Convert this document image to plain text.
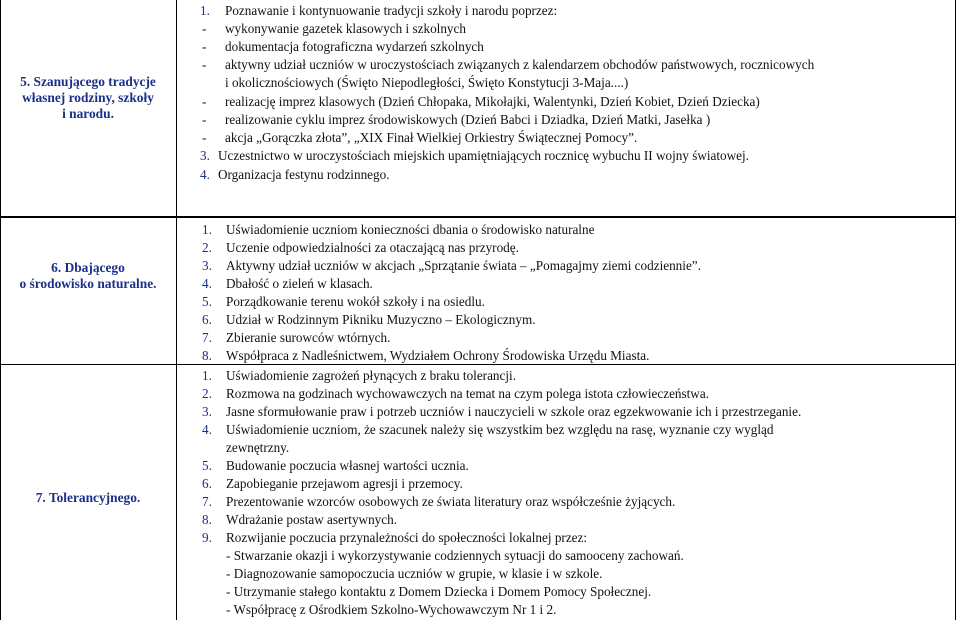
5. Szanującego tradycje
własnej rodziny, szkoły
i narodu.
1. Poznawanie i kontynuowanie tradycji szkoły i narodu poprzez:
- wykonywanie gazetek klasowych i szkolnych
- dokumentacja fotograficzna wydarzeń szkolnych
- aktywny udział uczniów w uroczystościach związanych z kalendarzem obchodów państwowych, rocznicowych
i okolicznościowych (Święto Niepodległości, Święto Konstytucji 3-Maja....)
- realizację imprez klasowych (Dzień Chłopaka, Mikołajki, Walentynki, Dzień Kobiet, Dzień Dziecka)
- realizowanie cyklu imprez środowiskowych (Dzień Babci i Dziadka, Dzień Matki, Jasełka )
- akcja „Gorączka złota”, „XIX Finał Wielkiej Orkiestry Świątecznej Pomocy”.
3. Uczestnictwo w uroczystościach miejskich upamiętniających rocznicę wybuchu II wojny światowej.
4. Organizacja festynu rodzinnego.
6. Dbającego
o środowisko naturalne.
1. Uświadomienie uczniom konieczności dbania o środowisko naturalne
2. Uczenie odpowiedzialności za otaczającą nas przyrodę.
3. Aktywny udział uczniów w akcjach „Sprzątanie świata – „Pomagajmy ziemi codziennie”.
4. Dbałość o zieleń w klasach.
5. Porządkowanie terenu wokół szkoły i na osiedlu.
6. Udział w Rodzinnym Pikniku Muzyczno – Ekologicznym.
7. Zbieranie surowców wtórnych.
8. Współpraca z Nadleśnictwem, Wydziałem Ochrony Środowiska Urzędu Miasta.
7. Tolerancyjnego.
1. Uświadomienie zagrożeń płynących z braku tolerancji.
2. Rozmowa na godzinach wychowawczych na temat na czym polega istota człowieczeństwa.
3. Jasne sformułowanie praw i potrzeb uczniów i nauczycieli w szkole oraz egzekwowanie ich i przestrzeganie.
4. Uświadomienie uczniom, że szacunek należy się wszystkim bez względu na rasę, wyznanie czy wygląd
zewnętrzny.
5. Budowanie poczucia własnej wartości ucznia.
6. Zapobieganie przejawom agresji i przemocy.
7. Prezentowanie wzorców osobowych ze świata literatury oraz współcześnie żyjących.
8. Wdrażanie postaw asertywnych.
9. Rozwijanie poczucia przynależności do społeczności lokalnej przez:
- Stwarzanie okazji i wykorzystywanie codziennych sytuacji do samooceny zachowań.
- Diagnozowanie samopoczucia uczniów w grupie, w klasie i w szkole.
- Utrzymanie stałego kontaktu z Domem Dziecka i Domem Pomocy Społecznej.
- Współpracę z Ośrodkiem Szkolno-Wychowawczym Nr 1 i 2.
